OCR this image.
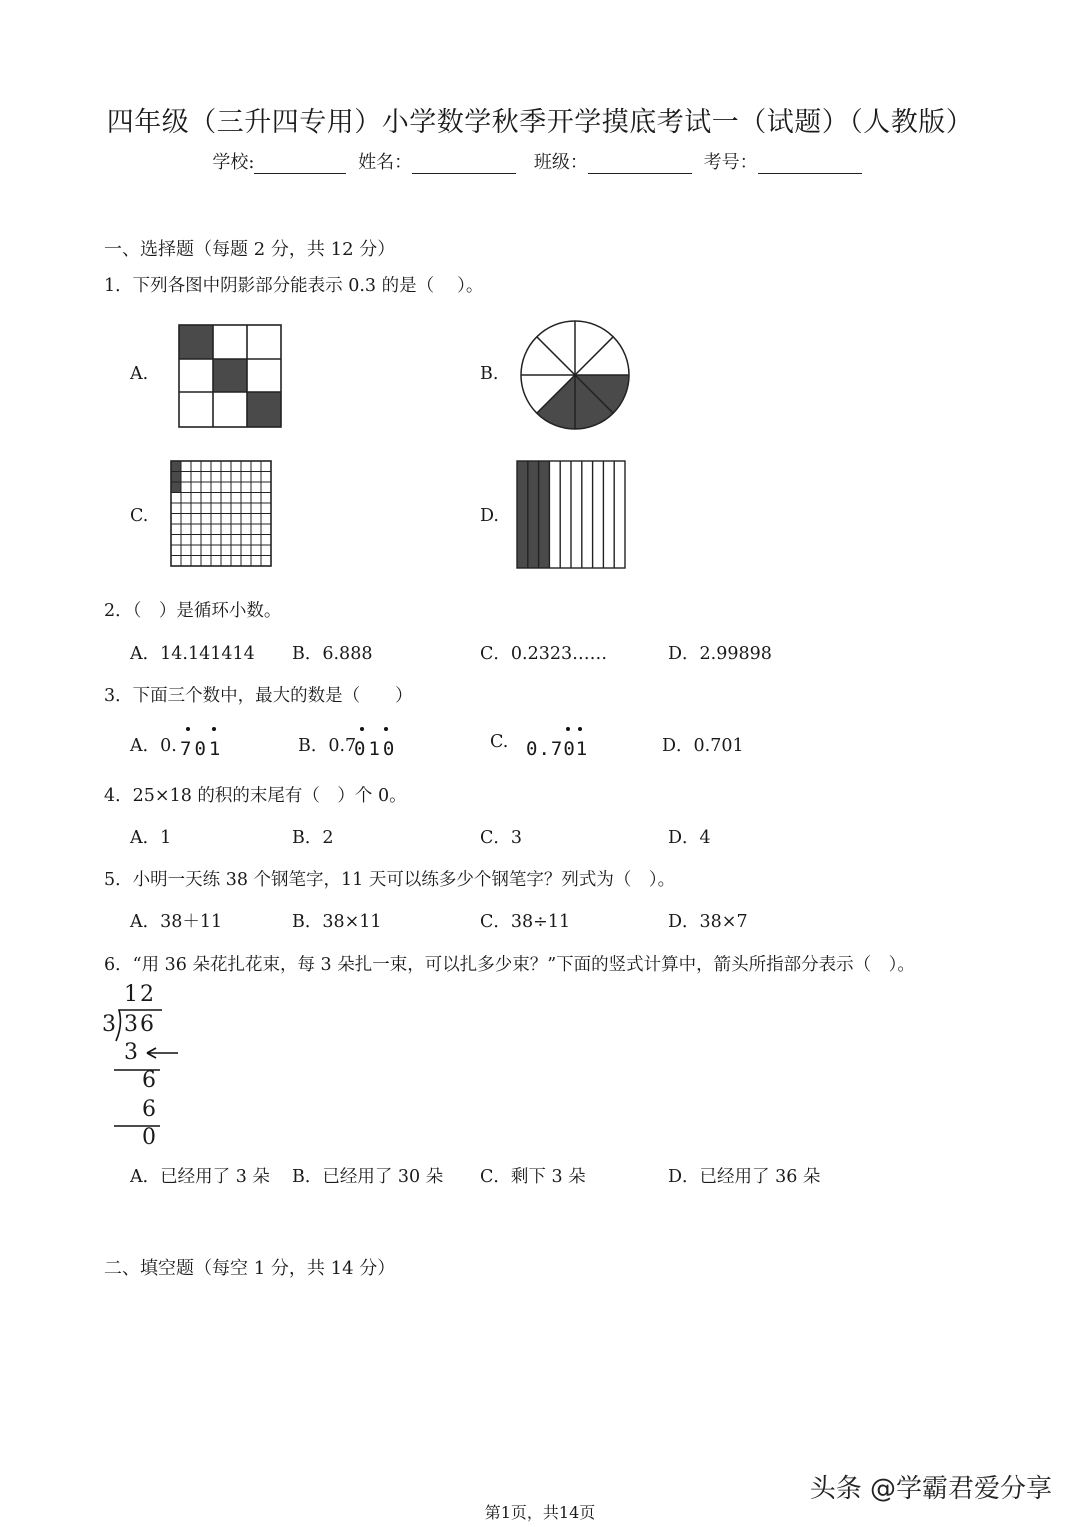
四年级（三升四专用）小学数学秋季开学摸底考试一（试题）（人教版）
学校:	姓名：	班级：	考号：
一、选择题（每题 2 分，共 12 分）
1．下列各图中阴影部分能表示 0.3 的是（　 ）。
A.	B.
C.	D.
2．（　）是循环小数。
A．14.141414 B．6.888	C．0.2323……	D．2.99898
3．下面三个数中，最大的数是（　　）
A．0. 701	B．0.7
010	C. 0.701	D．0.701
4．25×18 的积的末尾有（　）个 0。
A．1	B．2	C．3	D．4
5．小明一天练 38 个钢笔字，11 天可以练多少个钢笔字？列式为（　）。
A．38＋11	B．38×11	C．38÷11	D．38×7
6．“用 36 朵花扎花束，每 3 朵扎一束，可以扎多少束？”下面的竖式计算中，箭头所指部分表示（　）。
12
3 36
3
6
6
0
A．已经用了 3 朵 B．已经用了 30 朵 C．剩下 3 朵	D．已经用了 36 朵
二、填空题（每空 1 分，共 14 分）
头条 @学霸君爱分享
第1页，共14页
